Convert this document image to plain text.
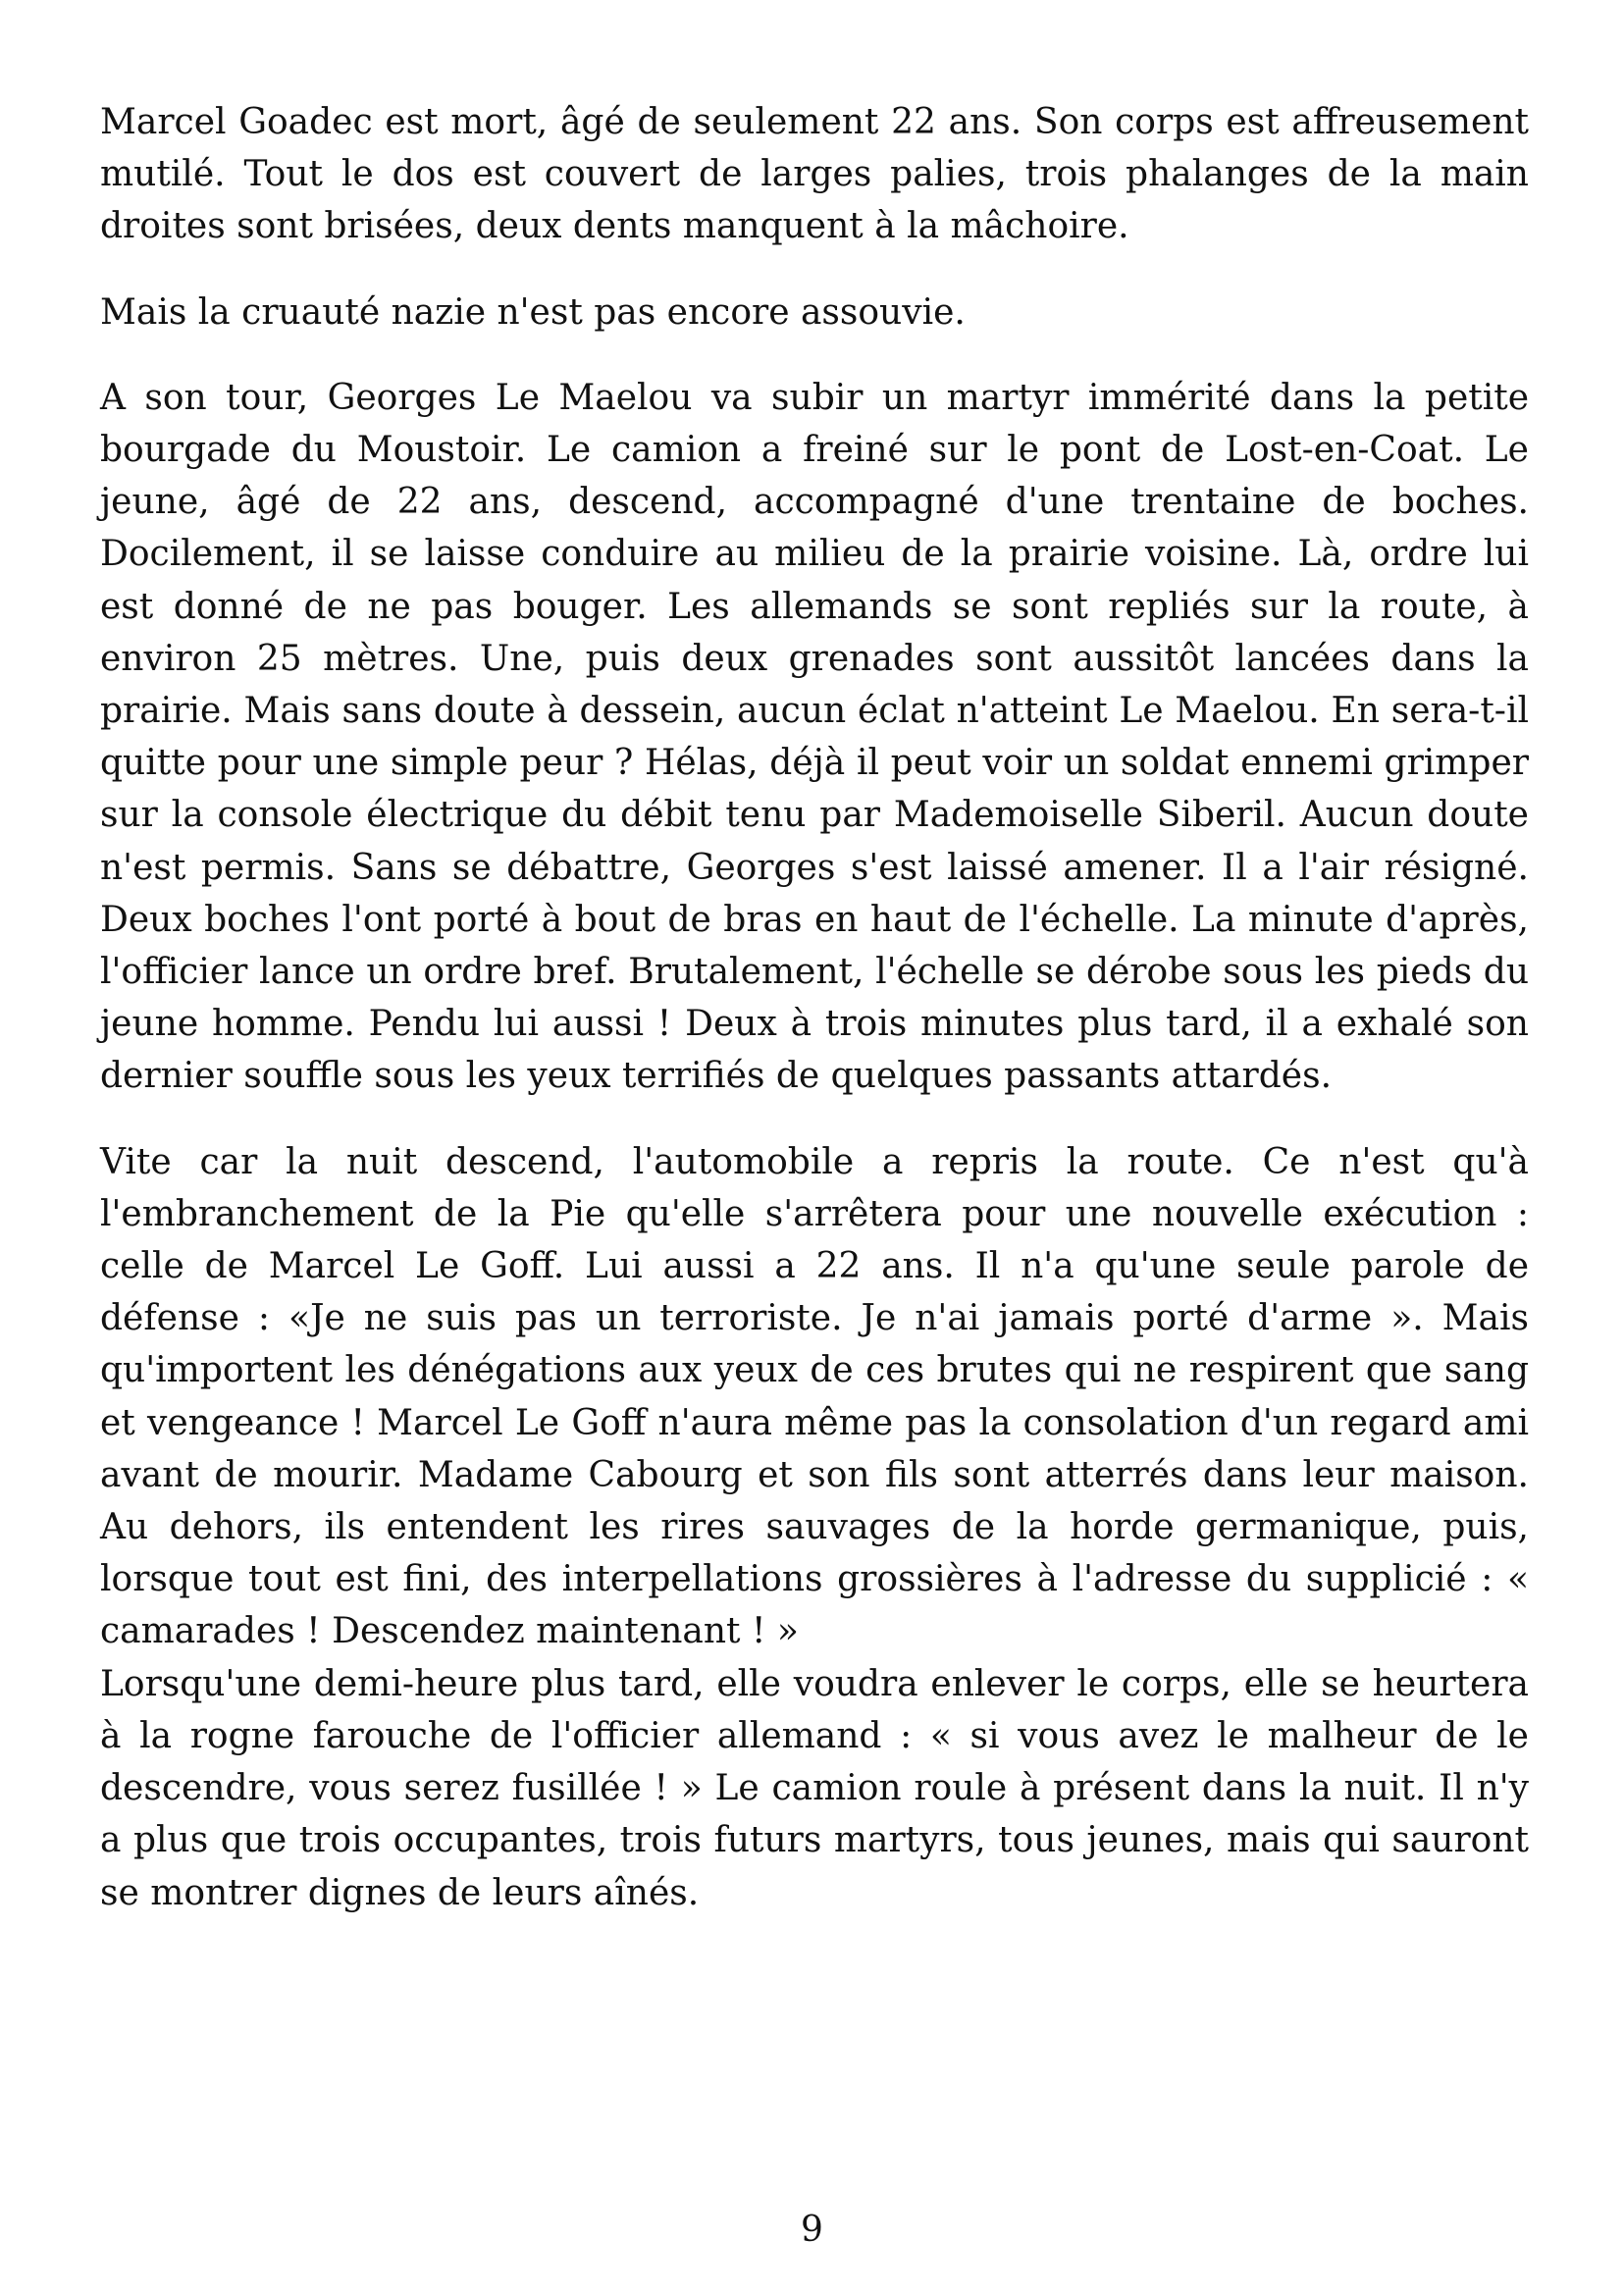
Marcel Goadec est mort, âgé de seulement 22 ans. Son corps est affreusement mutilé. Tout le dos est couvert de larges palies, trois phalanges de la main droites sont brisées, deux dents manquent à la mâchoire.

Mais la cruauté nazie n'est pas encore assouvie.

A son tour, Georges Le Maelou va subir un martyr immérité dans la petite bourgade du Moustoir. Le camion a freiné sur le pont de Lost-en-Coat. Le jeune, âgé de 22 ans, descend, accompagné d'une trentaine de boches. Docilement, il se laisse conduire au milieu de la prairie voisine. Là, ordre lui est donné de ne pas bouger. Les allemands se sont repliés sur la route, à environ 25 mètres. Une, puis deux grenades sont aussitôt lancées dans la prairie. Mais sans doute à dessein, aucun éclat n'atteint Le Maelou. En sera-t-il quitte pour une simple peur ? Hélas, déjà il peut voir un soldat ennemi grimper sur la console électrique du débit tenu par Mademoiselle Siberil. Aucun doute n'est permis. Sans se débattre, Georges s'est laissé amener. Il a l'air résigné. Deux boches l'ont porté à bout de bras en haut de l'échelle. La minute d'après, l'officier lance un ordre bref. Brutalement, l'échelle se dérobe sous les pieds du jeune homme. Pendu lui aussi ! Deux à trois minutes plus tard, il a exhalé son dernier souffle sous les yeux terrifiés de quelques passants attardés.

Vite car la nuit descend, l'automobile a repris la route. Ce n'est qu'à l'embranchement de la Pie qu'elle s'arrêtera pour une nouvelle exécution : celle de Marcel Le Goff. Lui aussi a 22 ans. Il n'a qu'une seule parole de défense : «Je ne suis pas un terroriste. Je n'ai jamais porté d'arme ». Mais qu'importent les dénégations aux yeux de ces brutes qui ne respirent que sang et vengeance ! Marcel Le Goff n'aura même pas la consolation d'un regard ami avant de mourir. Madame Cabourg et son fils sont atterrés dans leur maison. Au dehors, ils entendent les rires sauvages de la horde germanique, puis, lorsque tout est fini, des interpellations grossières à l'adresse du supplicié : « camarades ! Descendez maintenant ! »

Lorsqu'une demi-heure plus tard, elle voudra enlever le corps, elle se heurtera à la rogne farouche de l'officier allemand : « si vous avez le malheur de le descendre, vous serez fusillée ! » Le camion roule à présent dans la nuit. Il n'y a plus que trois occupantes, trois futurs martyrs, tous jeunes, mais qui sauront se montrer dignes de leurs aînés.

9
